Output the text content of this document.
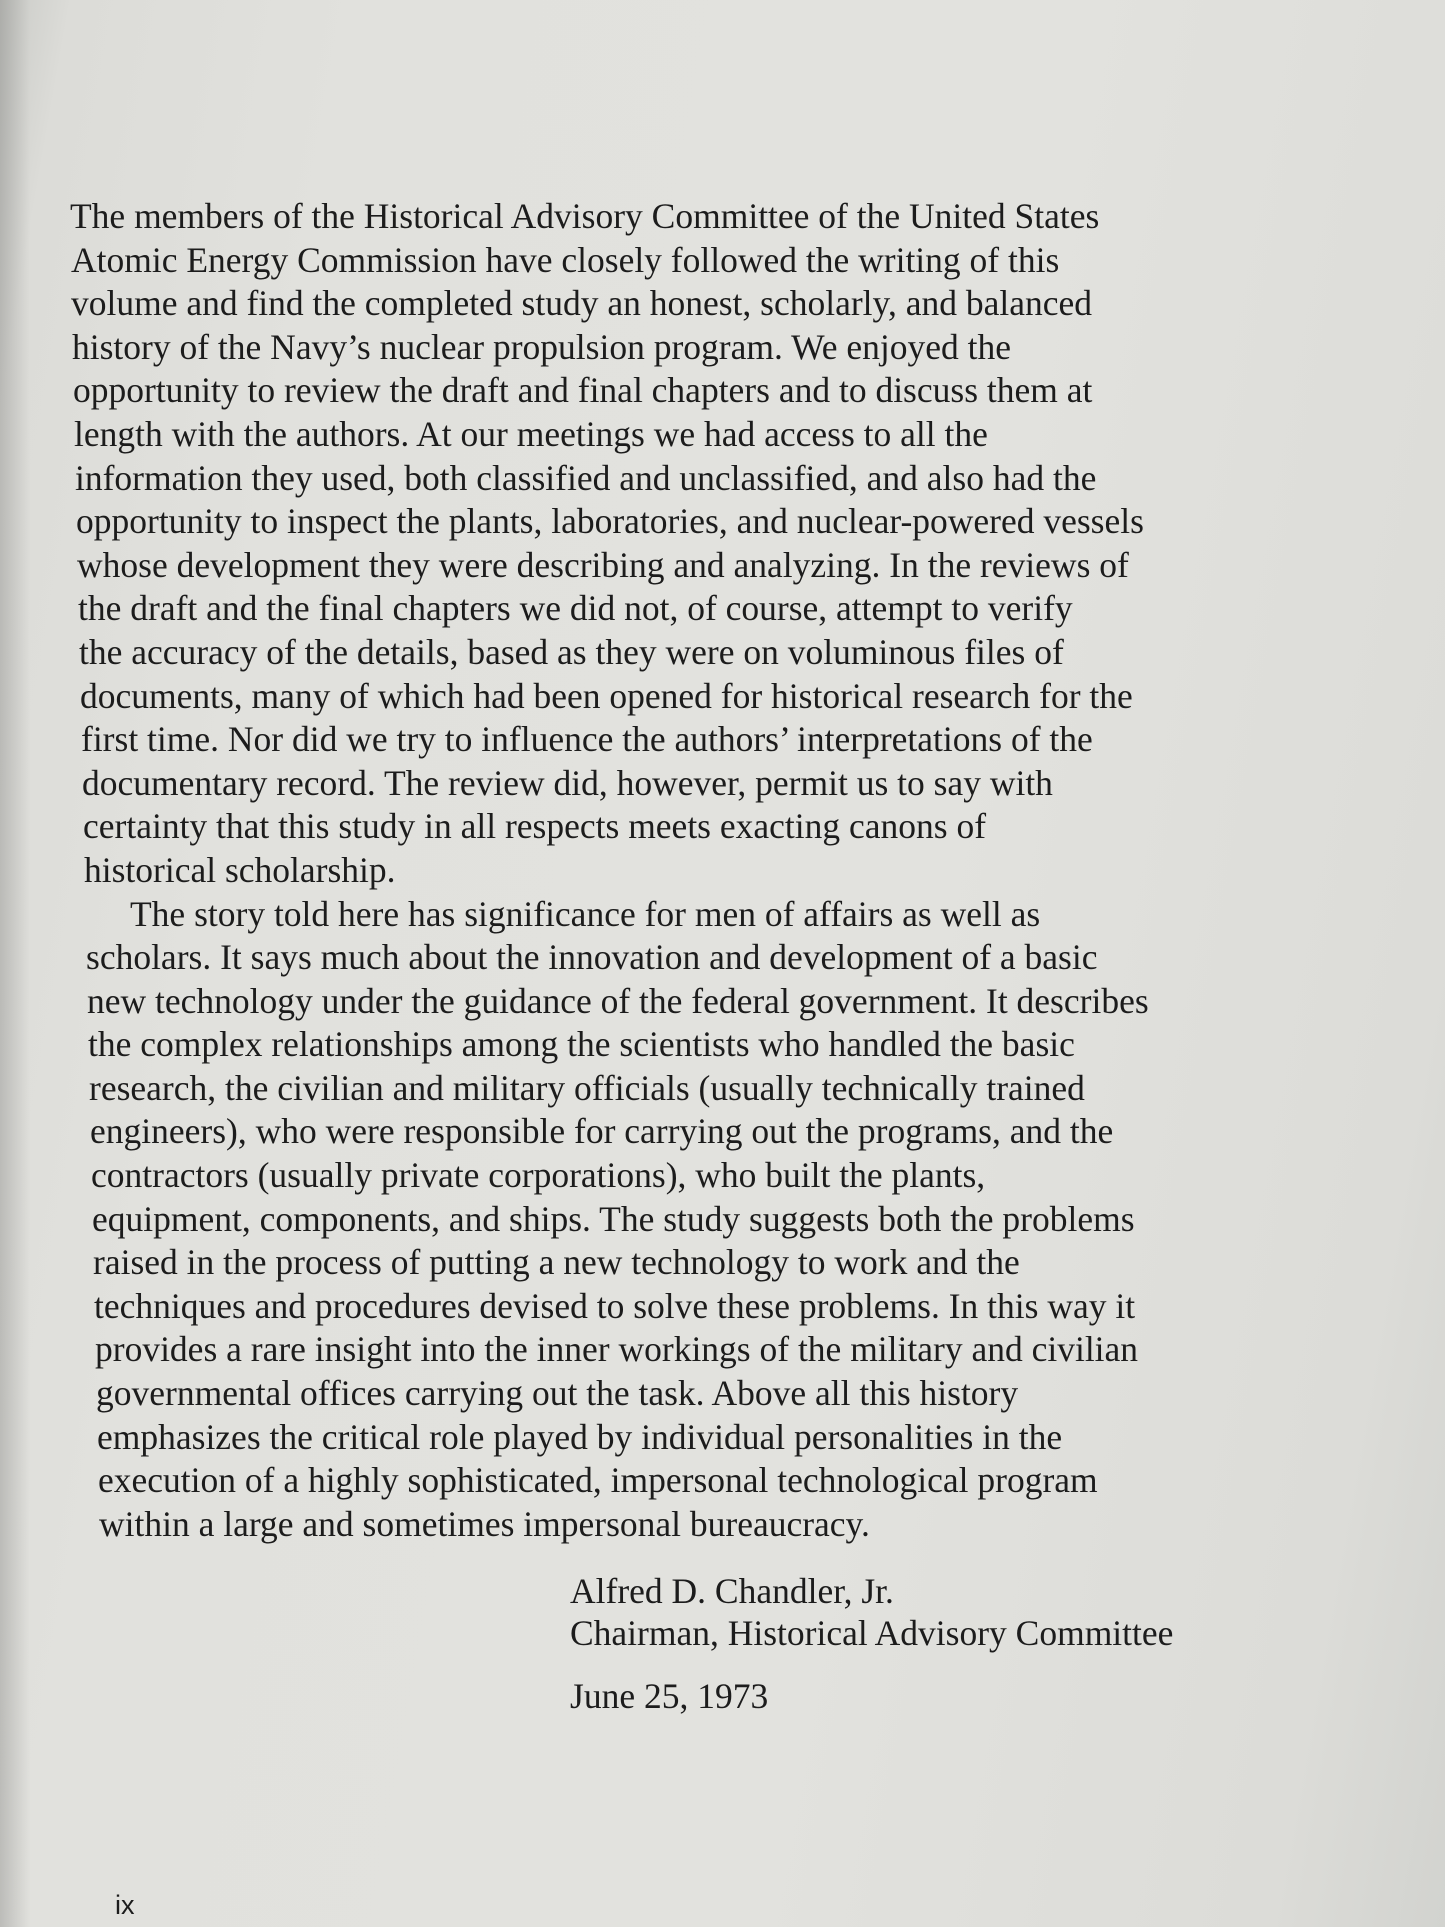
The members of the Historical Advisory Committee of the United States
Atomic Energy Commission have closely followed the writing of this
volume and find the completed study an honest, scholarly, and balanced
history of the Navy’s nuclear propulsion program. We enjoyed the
opportunity to review the draft and final chapters and to discuss them at
length with the authors. At our meetings we had access to all the
information they used, both classified and unclassified, and also had the
opportunity to inspect the plants, laboratories, and nuclear-powered vessels
whose development they were describing and analyzing. In the reviews of
the draft and the final chapters we did not, of course, attempt to verify
the accuracy of the details, based as they were on voluminous files of
documents, many of which had been opened for historical research for the
first time. Nor did we try to influence the authors’ interpretations of the
documentary record. The review did, however, permit us to say with
certainty that this study in all respects meets exacting canons of
historical scholarship.
The story told here has significance for men of affairs as well as
scholars. It says much about the innovation and development of a basic
new technology under the guidance of the federal government. It describes
the complex relationships among the scientists who handled the basic
research, the civilian and military officials (usually technically trained
engineers), who were responsible for carrying out the programs, and the
contractors (usually private corporations), who built the plants,
equipment, components, and ships. The study suggests both the problems
raised in the process of putting a new technology to work and the
techniques and procedures devised to solve these problems. In this way it
provides a rare insight into the inner workings of the military and civilian
governmental offices carrying out the task. Above all this history
emphasizes the critical role played by individual personalities in the
execution of a highly sophisticated, impersonal technological program
within a large and sometimes impersonal bureaucracy.
Alfred D. Chandler, Jr.
Chairman, Historical Advisory Committee
June 25, 1973
ix
